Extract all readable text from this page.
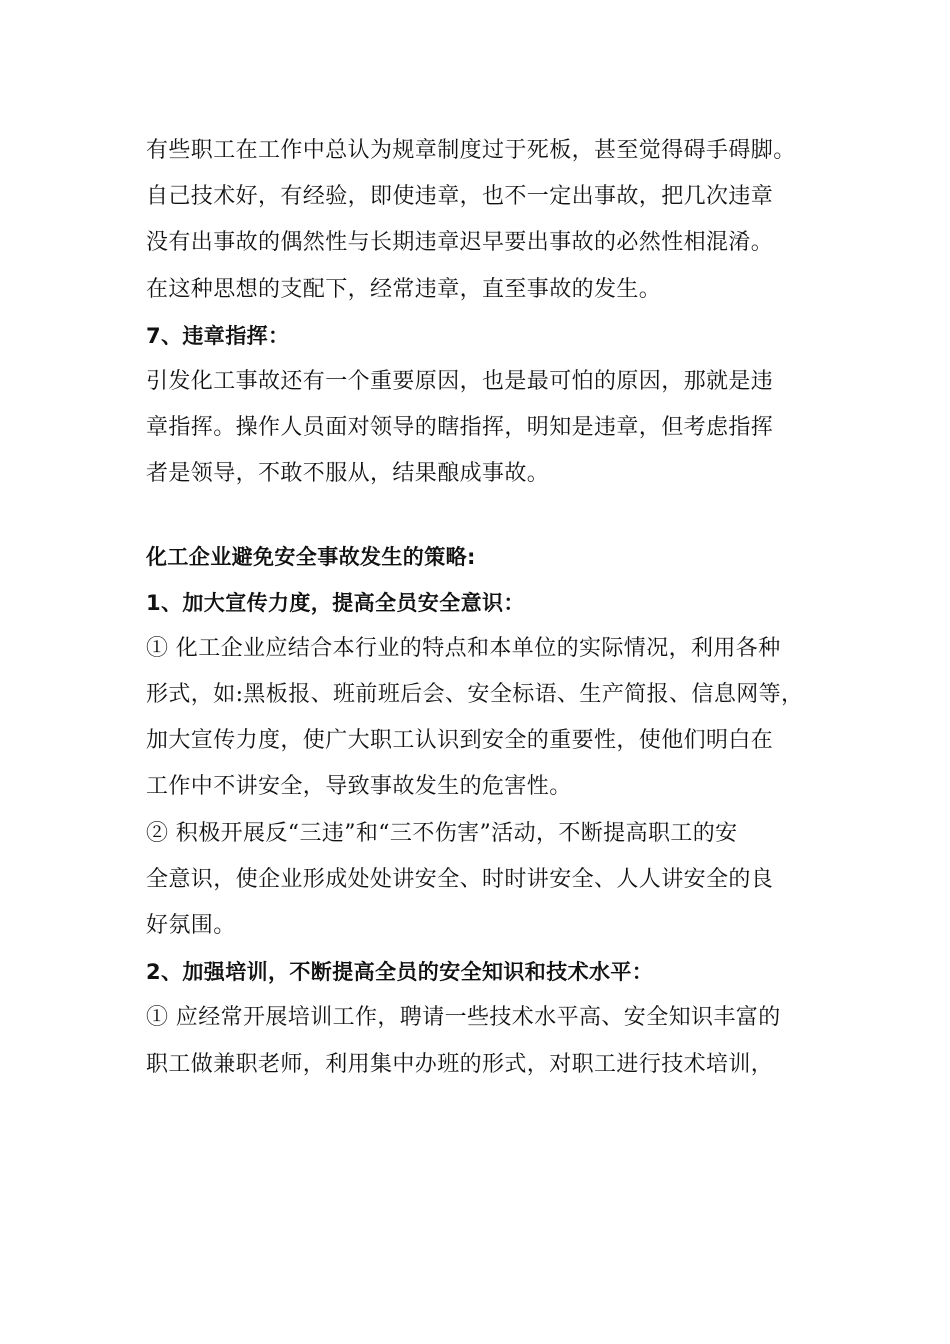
有些职工在工作中总认为规章制度过于死板，甚至觉得碍手碍脚。
自己技术好，有经验，即使违章，也不一定出事故，把几次违章
没有出事故的偶然性与长期违章迟早要出事故的必然性相混淆。
在这种思想的支配下，经常违章，直至事故的发生。
7、违章指挥：
引发化工事故还有一个重要原因，也是最可怕的原因，那就是违
章指挥。操作人员面对领导的瞎指挥，明知是违章，但考虑指挥
者是领导，不敢不服从，结果酿成事故。
化工企业避免安全事故发生的策略:
1、加大宣传力度，提高全员安全意识：
① 化工企业应结合本行业的特点和本单位的实际情况，利用各种
形式，如:黑板报、班前班后会、安全标语、生产简报、信息网等，
加大宣传力度，使广大职工认识到安全的重要性，使他们明白在
工作中不讲安全，导致事故发生的危害性。
② 积极开展反“三违”和“三不伤害”活动，不断提高职工的安
全意识，使企业形成处处讲安全、时时讲安全、人人讲安全的良
好氛围。
2、加强培训，不断提高全员的安全知识和技术水平：
① 应经常开展培训工作，聘请一些技术水平高、安全知识丰富的
职工做兼职老师，利用集中办班的形式，对职工进行技术培训，
